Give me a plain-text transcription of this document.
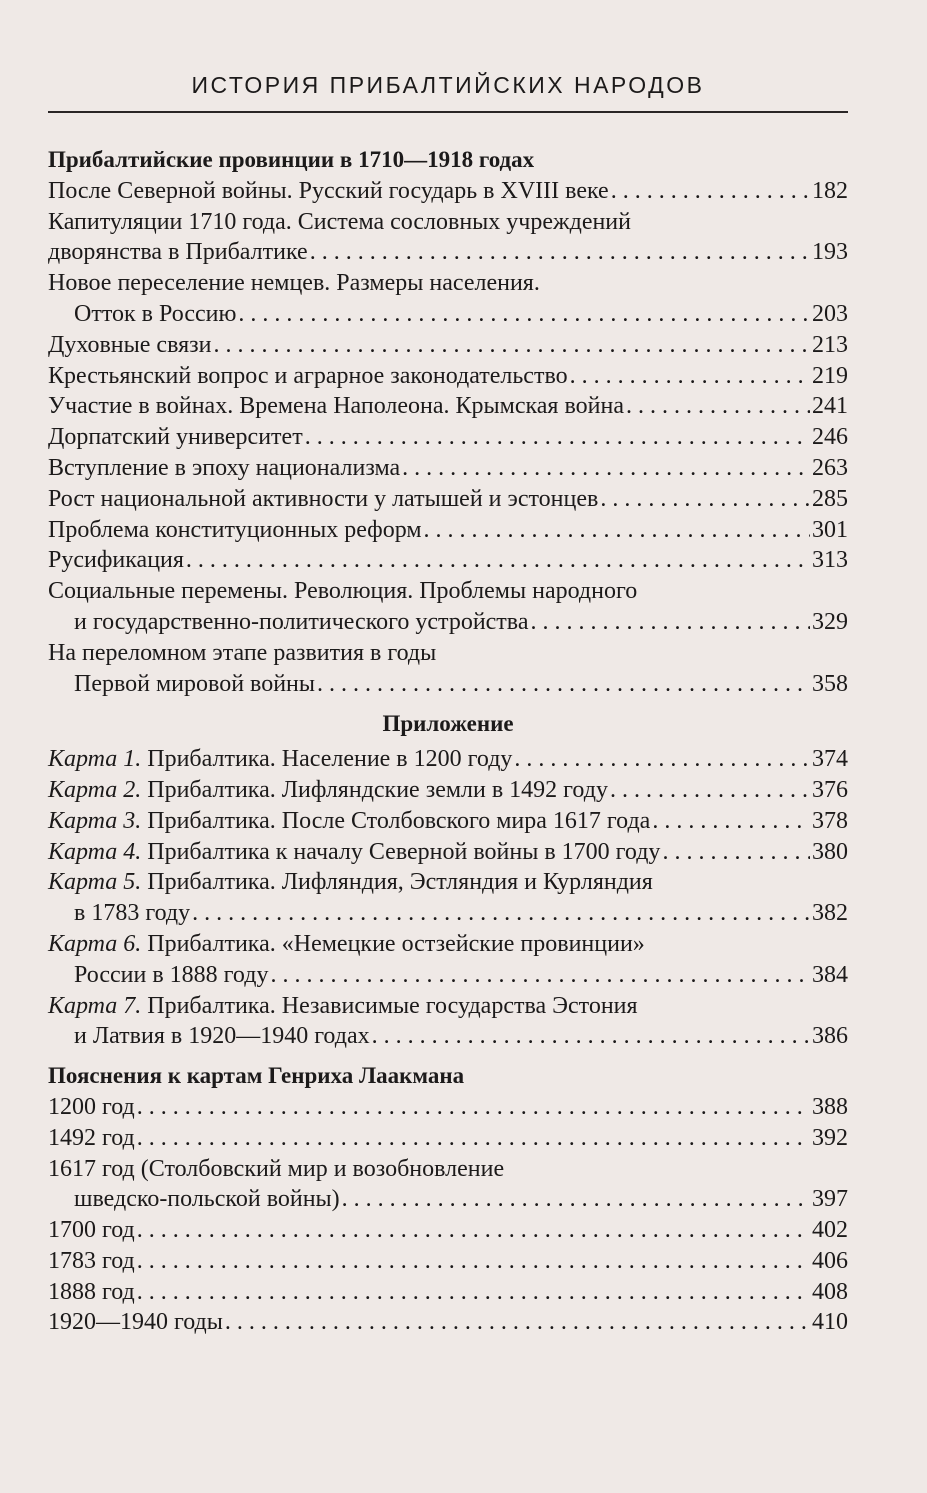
ИСТОРИЯ ПРИБАЛТИЙСКИХ НАРОДОВ
Прибалтийские провинции в 1710—1918 годах
После Северной войны. Русский государь в XVIII веке . . .	182
Капитуляции 1710 года. Система сословных учреждений
дворянства в Прибалтике . . .	193
Новое переселение немцев. Размеры населения.
Отток в Россию . . .	203
Духовные связи . . .	213
Крестьянский вопрос и аграрное законодательство . . .	219
Участие в войнах. Времена Наполеона. Крымская война . . .	241
Дорпатский университет . . .	246
Вступление в эпоху национализма . . .	263
Рост национальной активности у латышей и эстонцев . . .	285
Проблема конституционных реформ . . .	301
Русификация . . .	313
Социальные перемены. Революция. Проблемы народного
и государственно-политического устройства . . .	329
На переломном этапе развития в годы
Первой мировой войны . . .	358
Приложение
Карта 1. Прибалтика. Население в 1200 году . . .	374
Карта 2. Прибалтика. Лифляндские земли в 1492 году . . .	376
Карта 3. Прибалтика. После Столбовского мира 1617 года . . .	378
Карта 4. Прибалтика к началу Северной войны в 1700 году . . .	380
Карта 5. Прибалтика. Лифляндия, Эстляндия и Курляндия
в 1783 году . . .	382
Карта 6. Прибалтика. «Немецкие остзейские провинции»
России в 1888 году . . .	384
Карта 7. Прибалтика. Независимые государства Эстония
и Латвия в 1920—1940 годах . . .	386
Пояснения к картам Генриха Лаакмана
1200 год . . .	388
1492 год . . .	392
1617 год (Столбовский мир и возобновление
шведско-польской войны) . . .	397
1700 год . . .	402
1783 год . . .	406
1888 год . . .	408
1920—1940 годы . . .	410
